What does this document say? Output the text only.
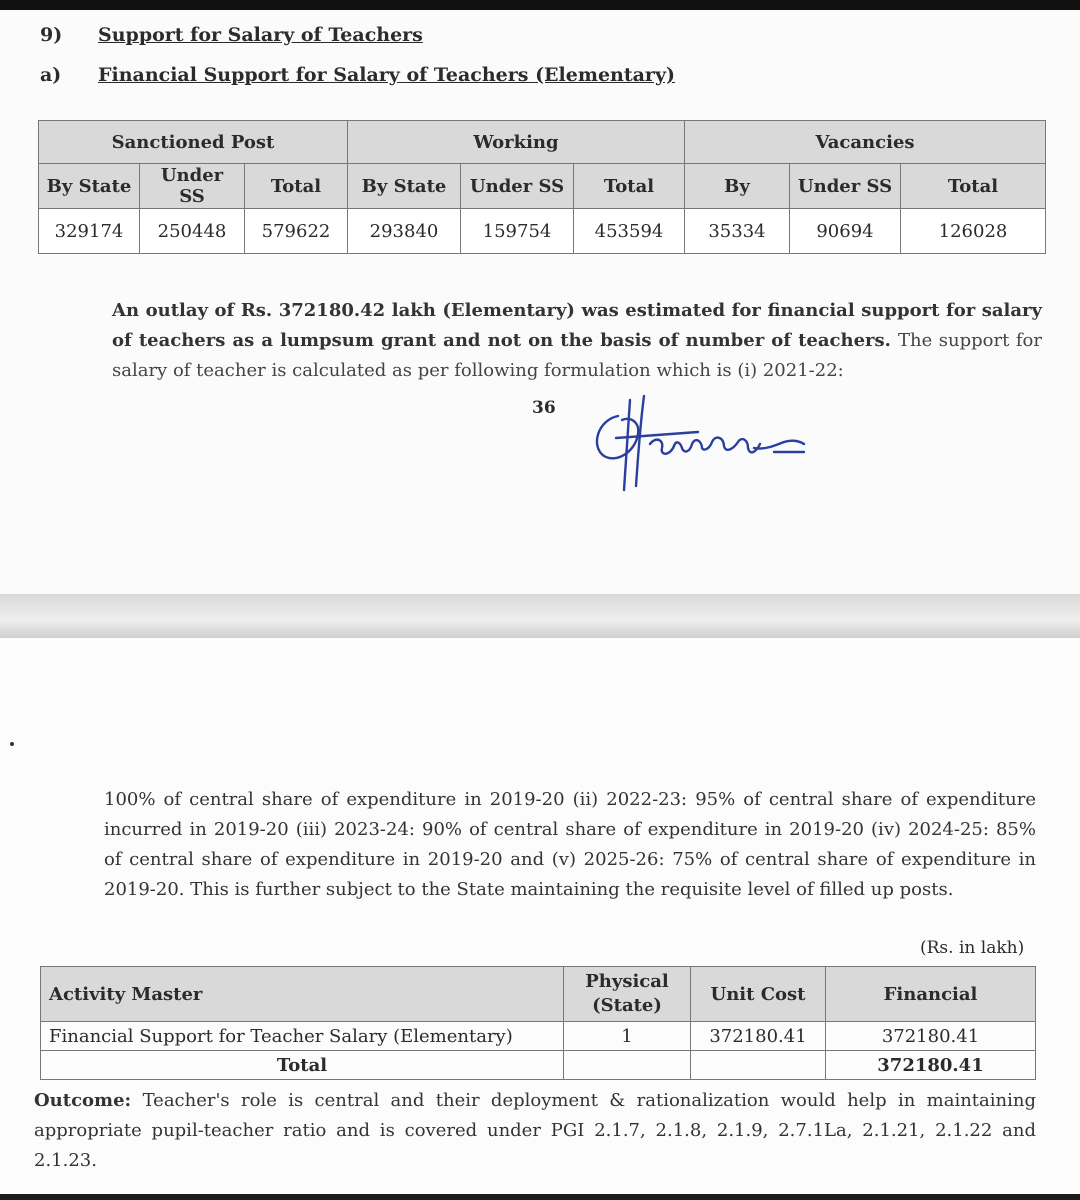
9) Support for Salary of Teachers
a) Financial Support for Salary of Teachers (Elementary)
Sanctioned Post			Working			Vacancies		
By State	Under SS	Total	By State	Under SS	Total	By	Under SS	Total
329174	250448	579622	293840	159754	453594	35334	90694	126028
An outlay of Rs. 372180.42 lakh (Elementary) was estimated for financial support for salary of teachers as a lumpsum grant and not on the basis of number of teachers. The support for salary of teacher is calculated as per following formulation which is (i) 2021-22:
36
100% of central share of expenditure in 2019-20 (ii) 2022-23: 95% of central share of expenditure incurred in 2019-20 (iii) 2023-24: 90% of central share of expenditure in 2019-20 (iv) 2024-25: 85% of central share of expenditure in 2019-20 and (v) 2025-26: 75% of central share of expenditure in 2019-20. This is further subject to the State maintaining the requisite level of filled up posts.
(Rs. in lakh)
Activity Master	Physical (State)	Unit Cost	Financial
Financial Support for Teacher Salary (Elementary)	1	372180.41	372180.41
Total			372180.41
Outcome: Teacher's role is central and their deployment & rationalization would help in maintaining appropriate pupil-teacher ratio and is covered under PGI 2.1.7, 2.1.8, 2.1.9, 2.7.1La, 2.1.21, 2.1.22 and 2.1.23.
